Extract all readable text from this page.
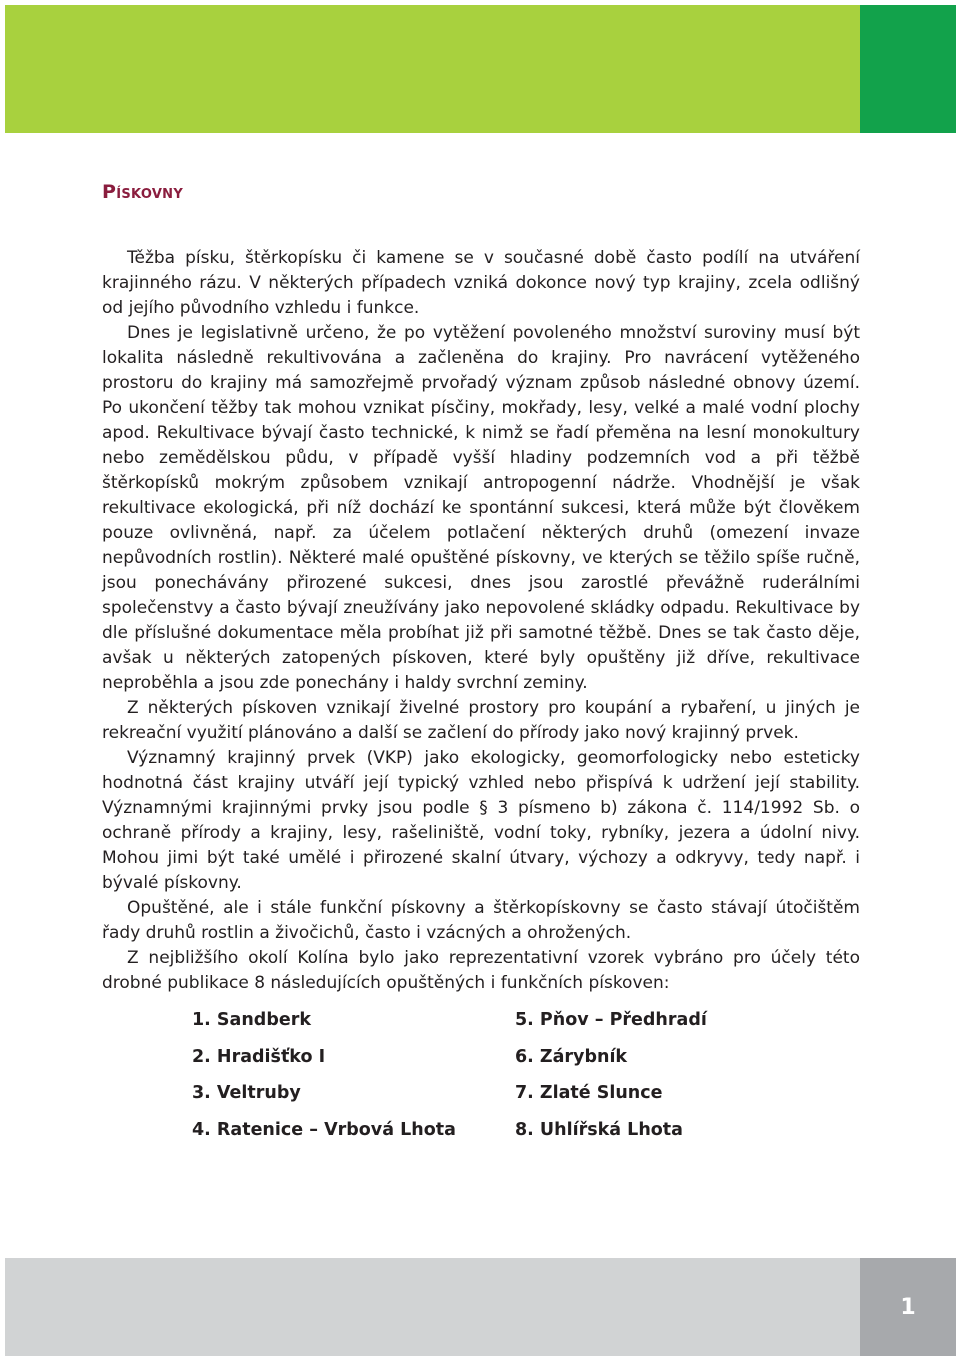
Pískovny

Těžba písku, štěrkopísku či kamene se v současné době často podílí na utváření krajinného rázu. V některých případech vzniká dokonce nový typ krajiny, zcela odlišný od jejího původního vzhledu i funkce.

Dnes je legislativně určeno, že po vytěžení povoleného množství suroviny musí být lokalita následně rekultivována a začleněna do krajiny. Pro navrácení vytěženého prostoru do krajiny má samozřejmě prvořadý význam způsob následné obnovy území. Po ukončení těžby tak mohou vznikat písčiny, mokřady, lesy, velké a malé vodní plochy apod. Rekultivace bývají často technické, k nimž se řadí přeměna na lesní monokultury nebo zemědělskou půdu, v případě vyšší hladiny podzemních vod a při těžbě štěrkopísků mokrým způsobem vznikají antropogenní nádrže. Vhodnější je však rekultivace ekologická, při níž dochází ke spontánní sukcesi, která může být člověkem pouze ovlivněná, např. za účelem potlačení některých druhů (omezení invaze nepůvodních rostlin). Některé malé opuštěné pískovny, ve kterých se těžilo spíše ručně, jsou ponechávány přirozené sukcesi, dnes jsou zarostlé převážně ruderálními společenstvy a často bývají zneužívány jako nepovolené skládky odpadu. Rekultivace by dle příslušné dokumentace měla probíhat již při samotné těžbě. Dnes se tak často děje, avšak u některých zatopených pískoven, které byly opuštěny již dříve, rekultivace neproběhla a jsou zde ponechány i haldy svrchní zeminy.

Z některých pískoven vznikají živelné prostory pro koupání a rybaření, u jiných je rekreační využití plánováno a další se začlení do přírody jako nový krajinný prvek.

Významný krajinný prvek (VKP) jako ekologicky, geomorfologicky nebo esteticky hodnotná část krajiny utváří její typický vzhled nebo přispívá k udržení její stability. Významnými krajinnými prvky jsou podle § 3 písmeno b) zákona č. 114/1992 Sb. o ochraně přírody a krajiny, lesy, rašeliniště, vodní toky, rybníky, jezera a údolní nivy. Mohou jimi být také umělé i přirozené skalní útvary, výchozy a odkryvy, tedy např. i bývalé pískovny.

Opuštěné, ale i stále funkční pískovny a štěrkopískovny se často stávají útočištěm řady druhů rostlin a živočichů, často i vzácných a ohrožených.

Z nejbližšího okolí Kolína bylo jako reprezentativní vzorek vybráno pro účely této drobné publikace 8 následujících opuštěných i funkčních pískoven:

1. Sandberk
2. Hradišťko I
3. Veltruby
4. Ratenice – Vrbová Lhota
5. Pňov – Předhradí
6. Zárybník
7. Zlaté Slunce
8. Uhlířská Lhota
1
